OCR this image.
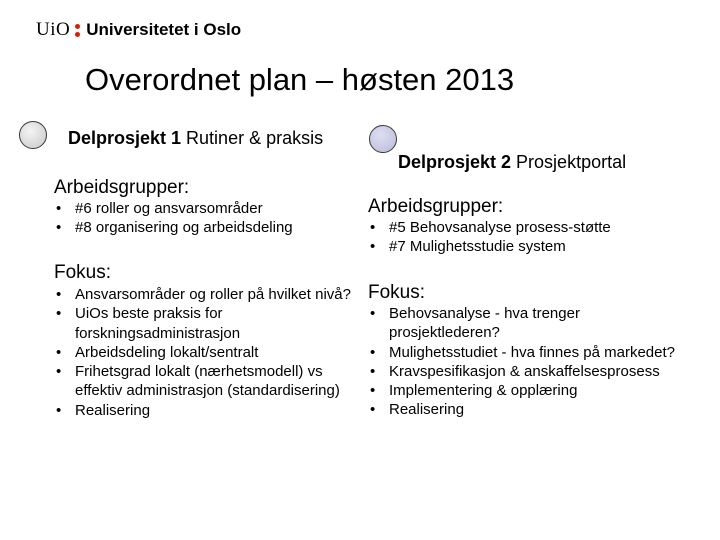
UiO Universitetet i Oslo
Overordnet plan – høsten 2013
Delprosjekt 1 Rutiner & praksis
Delprosjekt 2 Prosjektportal
Arbeidsgrupper:
• #6 roller og ansvarsområder
• #8 organisering og arbeidsdeling
Fokus:
• Ansvarsområder og roller på hvilket nivå?
• UiOs beste praksis for forskningsadministrasjon
• Arbeidsdeling lokalt/sentralt
• Frihetsgrad lokalt (nærhetsmodell) vs effektiv administrasjon (standardisering)
• Realisering
Arbeidsgrupper:
• #5 Behovsanalyse prosess-støtte
• #7 Mulighetsstudie system
Fokus:
• Behovsanalyse - hva trenger prosjektlederen?
• Mulighetsstudiet - hva finnes på markedet?
• Kravspesifikasjon & anskaffelsesprosess
• Implementering & opplæring
• Realisering
